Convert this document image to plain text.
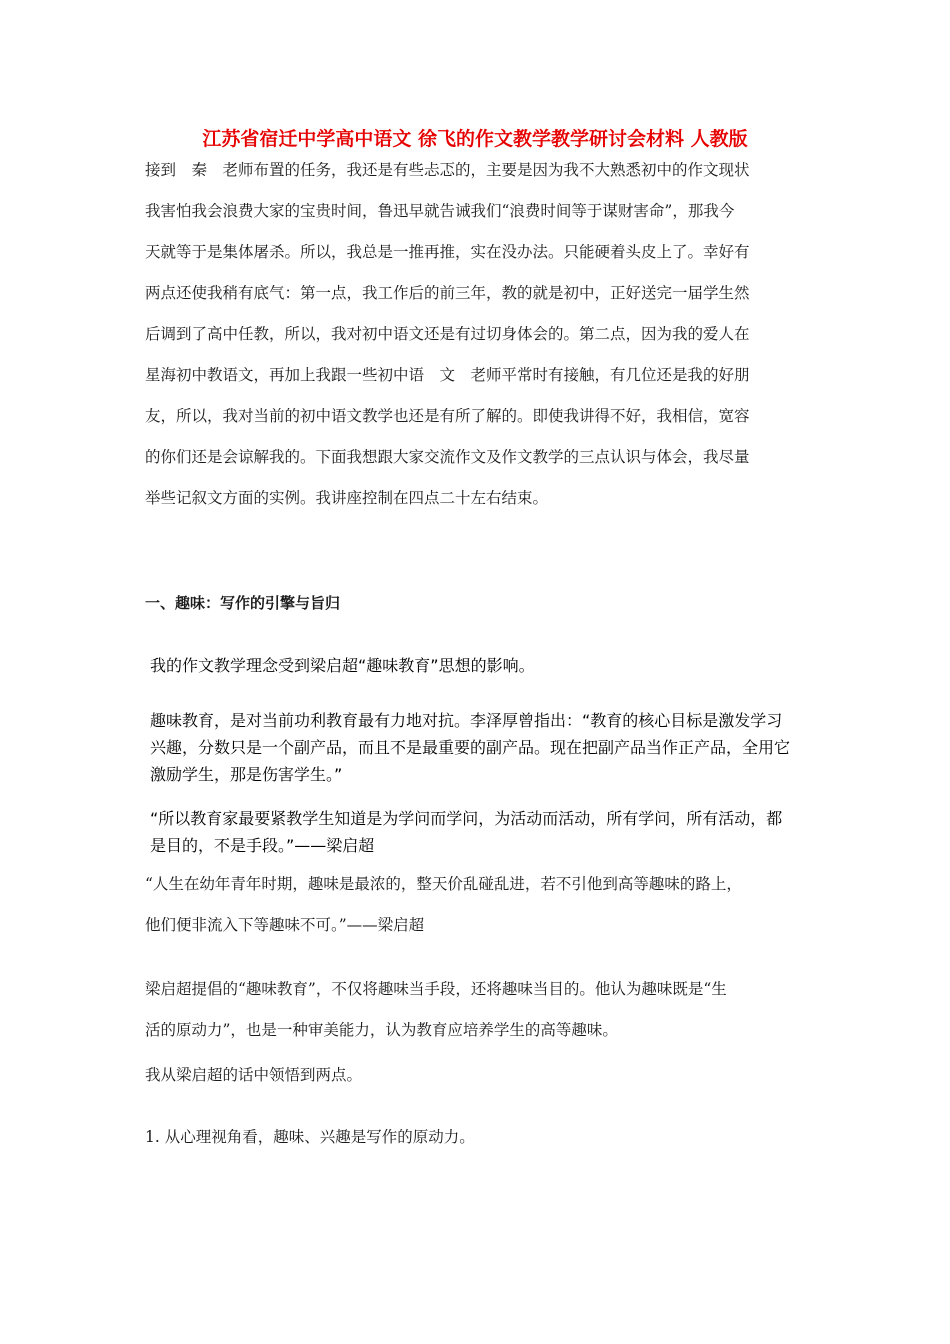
江苏省宿迁中学高中语文 徐飞的作文教学教学研讨会材料 人教版

接到　秦　老师布置的任务，我还是有些忐忑的，主要是因为我不大熟悉初中的作文现状
我害怕我会浪费大家的宝贵时间，鲁迅早就告诫我们“浪费时间等于谋财害命”，那我今
天就等于是集体屠杀。所以，我总是一推再推，实在没办法。只能硬着头皮上了。幸好有
两点还使我稍有底气：第一点，我工作后的前三年，教的就是初中，正好送完一届学生然
后调到了高中任教，所以，我对初中语文还是有过切身体会的。第二点，因为我的爱人在
星海初中教语文，再加上我跟一些初中语　文　老师平常时有接触，有几位还是我的好朋
友，所以，我对当前的初中语文教学也还是有所了解的。即使我讲得不好，我相信，宽容
的你们还是会谅解我的。下面我想跟大家交流作文及作文教学的三点认识与体会，我尽量
举些记叙文方面的实例。我讲座控制在四点二十左右结束。

一、趣味：写作的引擎与旨归

我的作文教学理念受到梁启超“趣味教育”思想的影响。

趣味教育，是对当前功利教育最有力地对抗。李泽厚曾指出：“教育的核心目标是激发学习
兴趣，分数只是一个副产品，而且不是最重要的副产品。现在把副产品当作正产品，全用它
激励学生，那是伤害学生。”

“所以教育家最要紧教学生知道是为学问而学问，为活动而活动，所有学问，所有活动，都
是目的，不是手段。”——梁启超

“人生在幼年青年时期，趣味是最浓的，整天价乱碰乱进，若不引他到高等趣味的路上，
他们便非流入下等趣味不可。”——梁启超

梁启超提倡的“趣味教育”，不仅将趣味当手段，还将趣味当目的。他认为趣味既是“生
活的原动力”，也是一种审美能力，认为教育应培养学生的高等趣味。

我从梁启超的话中领悟到两点。

1. 从心理视角看，趣味、兴趣是写作的原动力。
